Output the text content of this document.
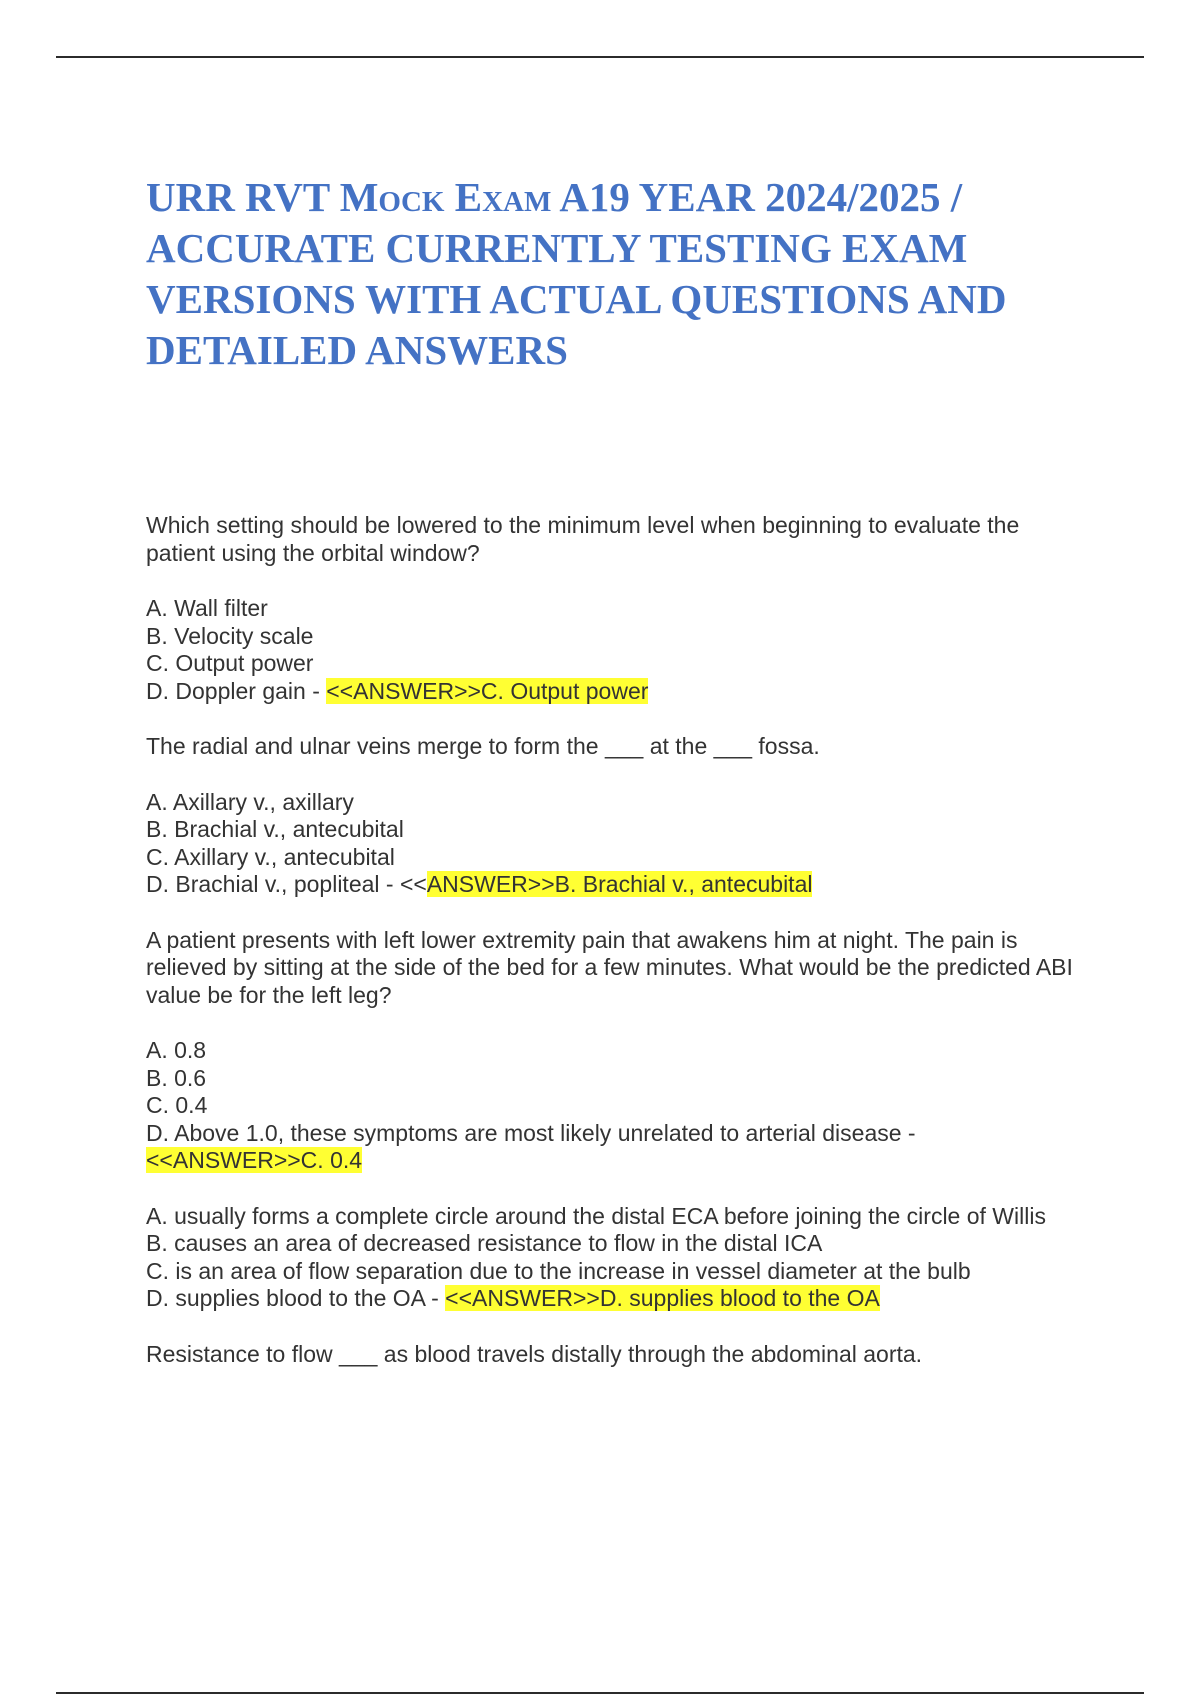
URR RVT Mock Exam A19 YEAR 2024/2025 / ACCURATE CURRENTLY TESTING EXAM VERSIONS WITH ACTUAL QUESTIONS AND DETAILED ANSWERS

Which setting should be lowered to the minimum level when beginning to evaluate the patient using the orbital window?

A. Wall filter
B. Velocity scale
C. Output power
D. Doppler gain - <<ANSWER>>C. Output power

The radial and ulnar veins merge to form the ___ at the ___ fossa.

A. Axillary v., axillary
B. Brachial v., antecubital
C. Axillary v., antecubital
D. Brachial v., popliteal - <<ANSWER>>B. Brachial v., antecubital

A patient presents with left lower extremity pain that awakens him at night. The pain is relieved by sitting at the side of the bed for a few minutes. What would be the predicted ABI value be for the left leg?

A. 0.8
B. 0.6
C. 0.4
D. Above 1.0, these symptoms are most likely unrelated to arterial disease - <<ANSWER>>C. 0.4
A. usually forms a complete circle around the distal ECA before joining the circle of Willis
B. causes an area of decreased resistance to flow in the distal ICA
C. is an area of flow separation due to the increase in vessel diameter at the bulb
D. supplies blood to the OA - <<ANSWER>>D. supplies blood to the OA

Resistance to flow ___ as blood travels distally through the abdominal aorta.
